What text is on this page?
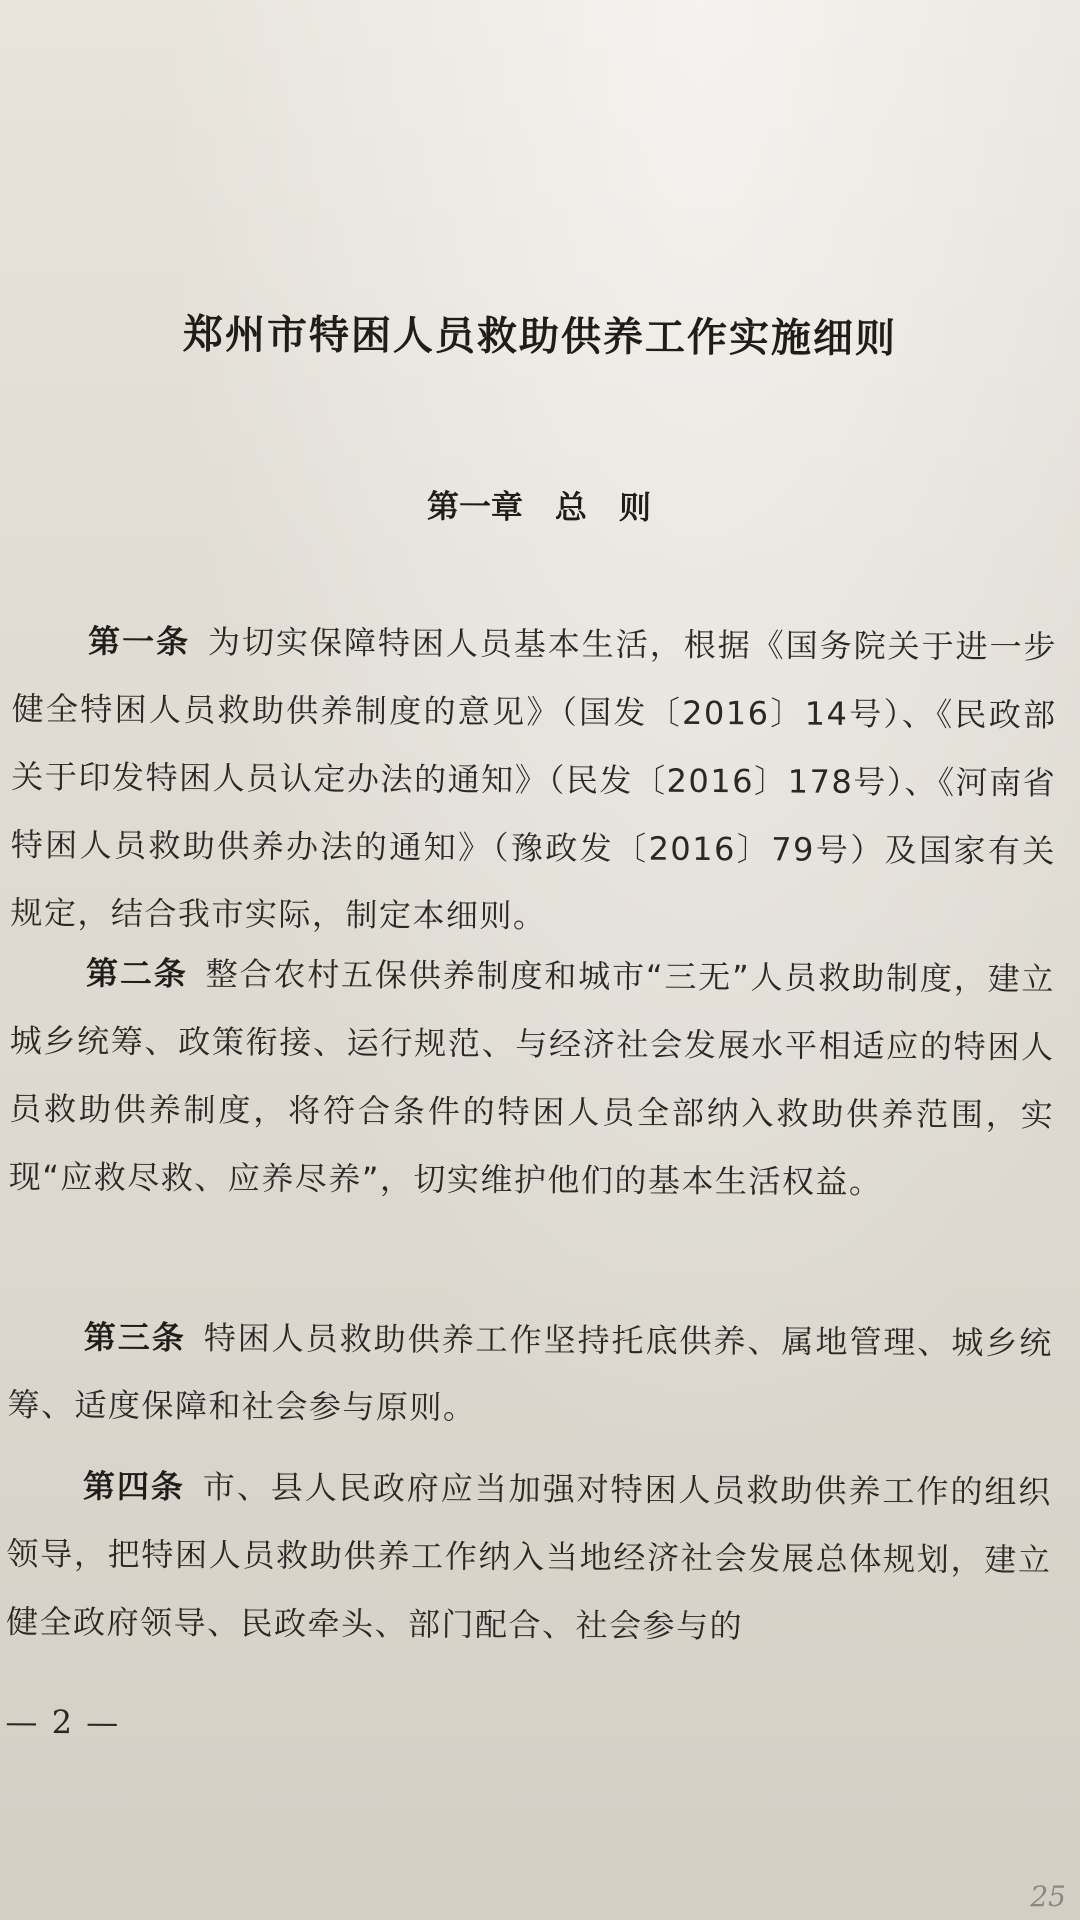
郑州市特困人员救助供养工作实施细则
第一章　总　则

第一条 为切实保障特困人员基本生活，根据《国务院关于进一步健全特困人员救助供养制度的意见》（国发〔2016〕14号）、《民政部关于印发特困人员认定办法的通知》（民发〔2016〕178号）、《河南省特困人员救助供养办法的通知》（豫政发〔2016〕79号）及国家有关规定，结合我市实际，制定本细则。

第二条 整合农村五保供养制度和城市“三无”人员救助制度，建立城乡统筹、政策衔接、运行规范、与经济社会发展水平相适应的特困人员救助供养制度，将符合条件的特困人员全部纳入救助供养范围，实现“应救尽救、应养尽养”，切实维护他们的基本生活权益。

第三条 特困人员救助供养工作坚持托底供养、属地管理、城乡统筹、适度保障和社会参与原则。

第四条 市、县人民政府应当加强对特困人员救助供养工作的组织领导，把特困人员救助供养工作纳入当地经济社会发展总体规划，建立健全政府领导、民政牵头、部门配合、社会参与的

— 2 —

25
